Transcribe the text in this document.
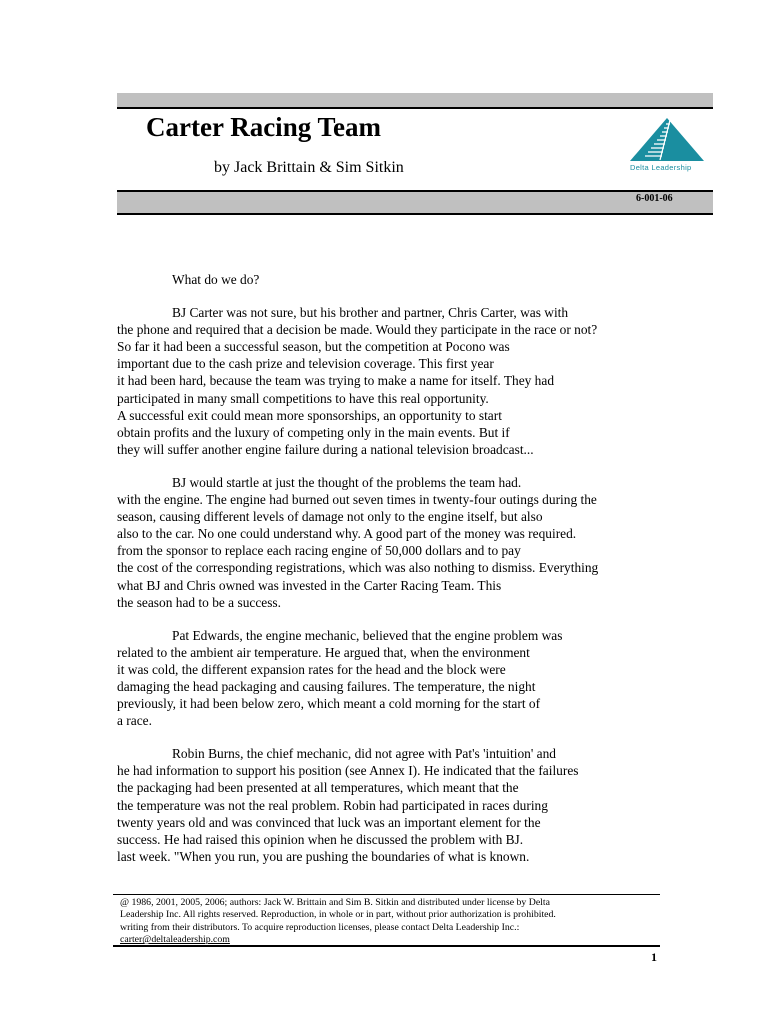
Carter Racing Team
by Jack Brittain & Sim Sitkin	Delta Leadership
6-001-06
What do we do?
BJ Carter was not sure, but his brother and partner, Chris Carter, was with
the phone and required that a decision be made. Would they participate in the race or not?
So far it had been a successful season, but the competition at Pocono was
important due to the cash prize and television coverage. This first year
it had been hard, because the team was trying to make a name for itself. They had
participated in many small competitions to have this real opportunity.
A successful exit could mean more sponsorships, an opportunity to start
obtain profits and the luxury of competing only in the main events. But if
they will suffer another engine failure during a national television broadcast...
BJ would startle at just the thought of the problems the team had.
with the engine. The engine had burned out seven times in twenty-four outings during the
season, causing different levels of damage not only to the engine itself, but also
also to the car. No one could understand why. A good part of the money was required.
from the sponsor to replace each racing engine of 50,000 dollars and to pay
the cost of the corresponding registrations, which was also nothing to dismiss. Everything
what BJ and Chris owned was invested in the Carter Racing Team. This
the season had to be a success.
Pat Edwards, the engine mechanic, believed that the engine problem was
related to the ambient air temperature. He argued that, when the environment
it was cold, the different expansion rates for the head and the block were
damaging the head packaging and causing failures. The temperature, the night
previously, it had been below zero, which meant a cold morning for the start of
a race.
Robin Burns, the chief mechanic, did not agree with Pat's 'intuition' and
he had information to support his position (see Annex I). He indicated that the failures
the packaging had been presented at all temperatures, which meant that the
the temperature was not the real problem. Robin had participated in races during
twenty years old and was convinced that luck was an important element for the
success. He had raised this opinion when he discussed the problem with BJ.
last week. "When you run, you are pushing the boundaries of what is known.
@ 1986, 2001, 2005, 2006; authors: Jack W. Brittain and Sim B. Sitkin and distributed under license by Delta
Leadership Inc. All rights reserved. Reproduction, in whole or in part, without prior authorization is prohibited.
writing from their distributors. To acquire reproduction licenses, please contact Delta Leadership Inc.:
carter@deltaleadership.com
1
